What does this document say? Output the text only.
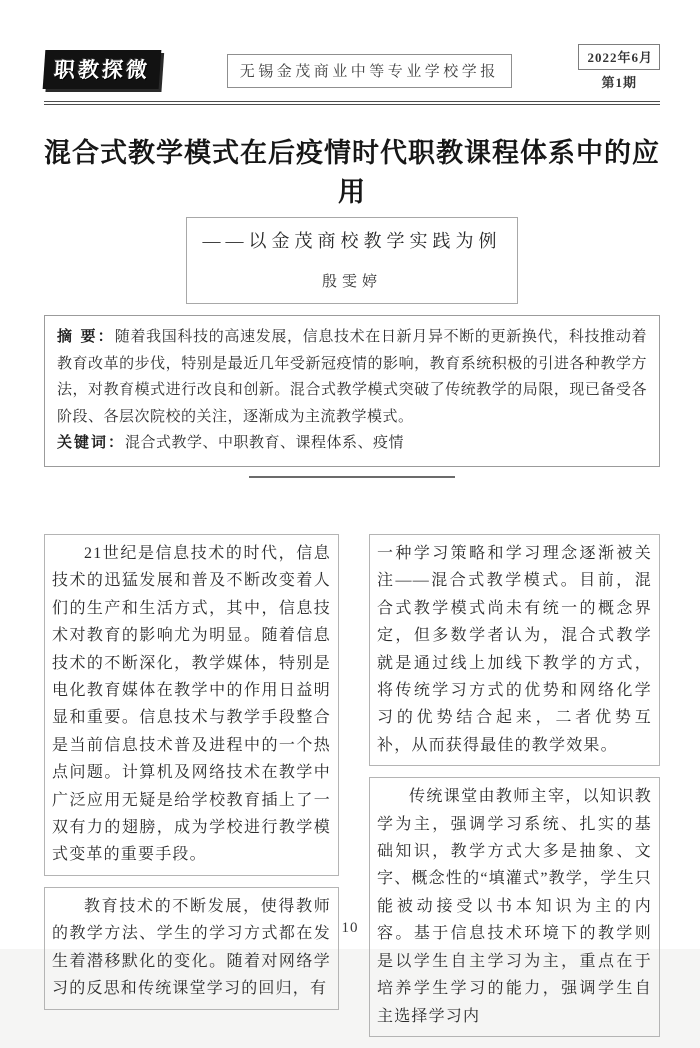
职教探微	无锡金茂商业中等专业学校学报
2022年6月
第1期
混合式教学模式在后疫情时代职教课程体系中的应用
——以金茂商校教学实践为例
殷雯婷
摘 要：随着我国科技的高速发展，信息技术在日新月异不断的更新换代，科技推动着教育改革的步伐，特别是最近几年受新冠疫情的影响，教育系统积极的引进各种教学方法，对教育模式进行改良和创新。混合式教学模式突破了传统教学的局限，现已备受各阶段、各层次院校的关注，逐渐成为主流教学模式。
关键词：混合式教学、中职教育、课程体系、疫情

21世纪是信息技术的时代，信息技术的迅猛发展和普及不断改变着人们的生产和生活方式，其中，信息技术对教育的影响尤为明显。随着信息技术的不断深化，教学媒体，特别是电化教育媒体在教学中的作用日益明显和重要。信息技术与教学手段整合是当前信息技术普及进程中的一个热点问题。计算机及网络技术在教学中广泛应用无疑是给学校教育插上了一双有力的翅膀，成为学校进行教学模式变革的重要手段。

教育技术的不断发展，使得教师的教学方法、学生的学习方式都在发生着潜移默化的变化。随着对网络学习的反思和传统课堂学习的回归，有

一种学习策略和学习理念逐渐被关注——混合式教学模式。目前，混合式教学模式尚未有统一的概念界定，但多数学者认为，混合式教学就是通过线上加线下教学的方式，将传统学习方式的优势和网络化学习的优势结合起来，二者优势互补，从而获得最佳的教学效果。

传统课堂由教师主宰，以知识教学为主，强调学习系统、扎实的基础知识，教学方式大多是抽象、文字、概念性的“填灌式”教学，学生只能被动接受以书本知识为主的内容。基于信息技术环境下的教学则是以学生自主学习为主，重点在于培养学生学习的能力，强调学生自主选择学习内

10
